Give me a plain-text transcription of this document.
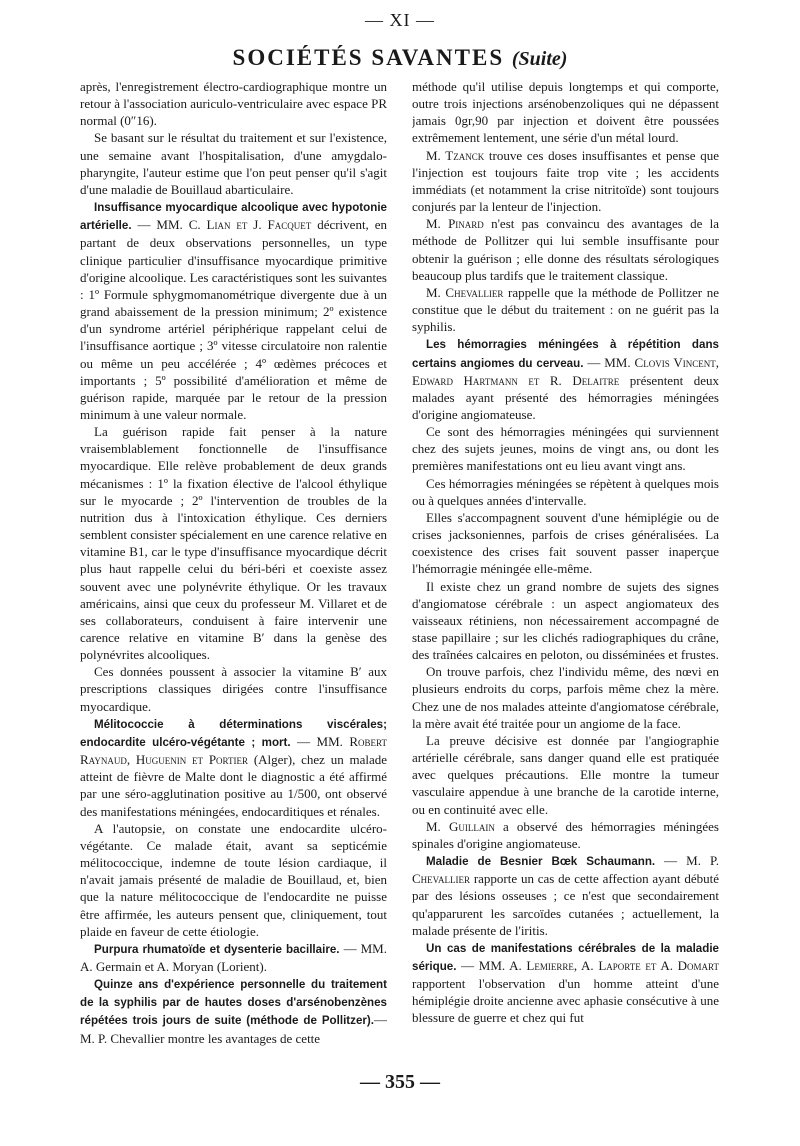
— XI —
SOCIÉTÉS SAVANTES (Suite)

après, l'enregistrement électro-cardiographique montre un retour à l'association auriculo-ventriculaire avec espace PR normal (0″16).

Se basant sur le résultat du traitement et sur l'existence, une semaine avant l'hospitalisation, d'une amygdalo-pharyngite, l'auteur estime que l'on peut penser qu'il s'agit d'une maladie de Bouillaud abarticulaire.

Insuffisance myocardique alcoolique avec hypotonie artérielle. — MM. C. Lian et J. Facquet décrivent, en partant de deux observations personnelles, un type clinique particulier d'insuffisance myocardique primitive d'origine alcoolique. Les caractéristiques sont les suivantes : 1º Formule sphygmomanométrique divergente due à un grand abaissement de la pression minimum; 2º existence d'un syndrome artériel périphérique rappelant celui de l'insuffisance aortique ; 3º vitesse circulatoire non ralentie ou même un peu accélérée ; 4º œdèmes précoces et importants ; 5º possibilité d'amélioration et même de guérison rapide, marquée par le retour de la pression minimum à une valeur normale.

La guérison rapide fait penser à la nature vraisemblablement fonctionnelle de l'insuffisance myocardique. Elle relève probablement de deux grands mécanismes : 1º la fixation élective de l'alcool éthylique sur le myocarde ; 2º l'intervention de troubles de la nutrition dus à l'intoxication éthylique. Ces derniers semblent consister spécialement en une carence relative en vitamine B1, car le type d'insuffisance myocardique décrit plus haut rappelle celui du béri-béri et coexiste assez souvent avec une polynévrite éthylique. Or les travaux américains, ainsi que ceux du professeur M. Villaret et de ses collaborateurs, conduisent à faire intervenir une carence relative en vitamine B′ dans la genèse des polynévrites alcooliques.

Ces données poussent à associer la vitamine B′ aux prescriptions classiques dirigées contre l'insuffisance myocardique.

Mélitococcie à déterminations viscérales; endocardite ulcéro-végétante ; mort. — MM. Robert Raynaud, Huguenin et Portier (Alger), chez un malade atteint de fièvre de Malte dont le diagnostic a été affirmé par une séro-agglutination positive au 1/500, ont observé des manifestations méningées, endocarditiques et rénales.

A l'autopsie, on constate une endocardite ulcéro-végétante. Ce malade était, avant sa septicémie mélitococcique, indemne de toute lésion cardiaque, il n'avait jamais présenté de maladie de Bouillaud, et, bien que la nature mélitococcique de l'endocardite ne puisse être affirmée, les auteurs pensent que, cliniquement, tout plaide en faveur de cette étiologie.

Purpura rhumatoïde et dysenterie bacillaire. — MM. A. Germain et A. Moryan (Lorient).

Quinze ans d'expérience personnelle du traitement de la syphilis par de hautes doses d'arsénobenzènes répétées trois jours de suite (méthode de Pollitzer).— M. P. Chevallier montre les avantages de cette

méthode qu'il utilise depuis longtemps et qui comporte, outre trois injections arsénobenzoliques qui ne dépassent jamais 0gr,90 par injection et doivent être poussées extrêmement lentement, une série d'un métal lourd.

M. Tzanck trouve ces doses insuffisantes et pense que l'injection est toujours faite trop vite ; les accidents immédiats (et notamment la crise nitritoïde) sont toujours conjurés par la lenteur de l'injection.

M. Pinard n'est pas convaincu des avantages de la méthode de Pollitzer qui lui semble insuffisante pour obtenir la guérison ; elle donne des résultats sérologiques beaucoup plus tardifs que le traitement classique.

M. Chevallier rappelle que la méthode de Pollitzer ne constitue que le début du traitement : on ne guérit pas la syphilis.

Les hémorragies méningées à répétition dans certains angiomes du cerveau. — MM. Clovis Vincent, Edward Hartmann et R. Delaitre présentent deux malades ayant présenté des hémorragies méningées d'origine angiomateuse.

Ce sont des hémorragies méningées qui surviennent chez des sujets jeunes, moins de vingt ans, ou dont les premières manifestations ont eu lieu avant vingt ans.

Ces hémorragies méningées se répètent à quelques mois ou à quelques années d'intervalle.

Elles s'accompagnent souvent d'une hémiplégie ou de crises jacksoniennes, parfois de crises généralisées. La coexistence des crises fait souvent passer inaperçue l'hémorragie méningée elle-même.

Il existe chez un grand nombre de sujets des signes d'angiomatose cérébrale : un aspect angiomateux des vaisseaux rétiniens, non nécessairement accompagné de stase papillaire ; sur les clichés radiographiques du crâne, des traînées calcaires en peloton, ou disséminées et frustes.

On trouve parfois, chez l'individu même, des nœvi en plusieurs endroits du corps, parfois même chez la mère. Chez une de nos malades atteinte d'angiomatose cérébrale, la mère avait été traitée pour un angiome de la face.

La preuve décisive est donnée par l'angiographie artérielle cérébrale, sans danger quand elle est pratiquée avec quelques précautions. Elle montre la tumeur vasculaire appendue à une branche de la carotide interne, ou en continuité avec elle.

M. Guillain a observé des hémorragies méningées spinales d'origine angiomateuse.

Maladie de Besnier Bœk Schaumann. — M. P. Chevallier rapporte un cas de cette affection ayant débuté par des lésions osseuses ; ce n'est que secondairement qu'apparurent les sarcoïdes cutanées ; actuellement, la malade présente de l'iritis.

Un cas de manifestations cérébrales de la maladie sérique. — MM. A. Lemierre, A. Laporte et A. Domart rapportent l'observation d'un homme atteint d'une hémiplégie droite ancienne avec aphasie consécutive à une blessure de guerre et chez qui fut

— 355 —
